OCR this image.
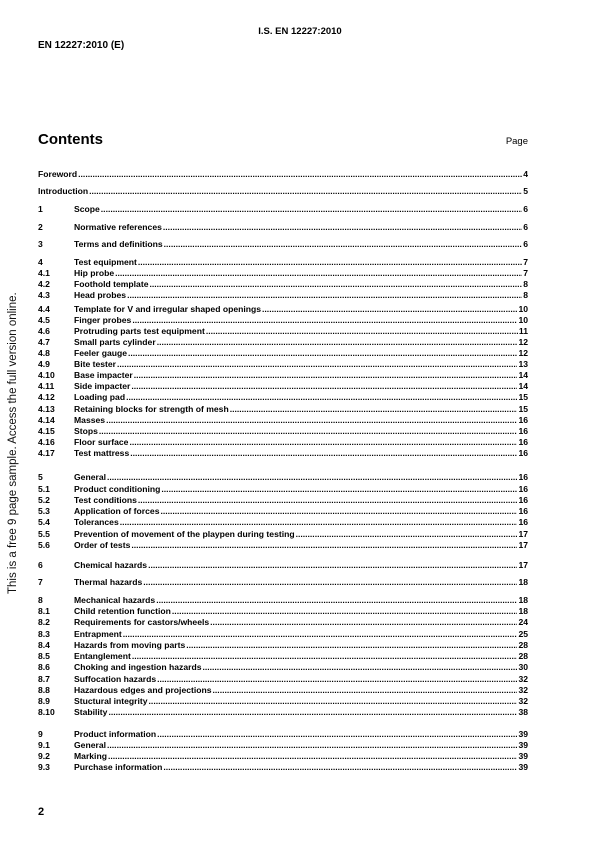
I.S. EN 12227:2010
EN 12227:2010 (E)
This is a free 9 page sample. Access the full version online.
Contents	Page
Foreword .....	4
Introduction .....	5
1	Scope .....	6
2	Normative references .....	6
3	Terms and definitions .....	6
4	Test equipment .....	7
4.1	Hip probe .....	7
4.2	Foothold template .....	8
4.3	Head probes .....	8
4.4	Template for V and irregular shaped openings .....	10
4.5	Finger probes .....	10
4.6	Protruding parts test equipment .....	11
4.7	Small parts cylinder .....	12
4.8	Feeler gauge .....	12
4.9	Bite tester .....	13
4.10	Base impacter .....	14
4.11	Side impacter .....	14
4.12	Loading pad .....	15
4.13	Retaining blocks for strength of mesh .....	15
4.14	Masses .....	16
4.15	Stops .....	16
4.16	Floor surface .....	16
4.17	Test mattress .....	16
5	General .....	16
5.1	Product conditioning .....	16
5.2	Test conditions .....	16
5.3	Application of forces .....	16
5.4	Tolerances .....	16
5.5	Prevention of movement of the playpen during testing .....	17
5.6	Order of tests .....	17
6	Chemical hazards .....	17
7	Thermal hazards .....	18
8	Mechanical hazards .....	18
8.1	Child retention function .....	18
8.2	Requirements for castors/wheels .....	24
8.3	Entrapment .....	25
8.4	Hazards from moving parts .....	28
8.5	Entanglement .....	28
8.6	Choking and ingestion hazards .....	30
8.7	Suffocation hazards .....	32
8.8	Hazardous edges and projections .....	32
8.9	Stuctural integrity .....	32
8.10	Stability .....	38
9	Product information .....	39
9.1	General .....	39
9.2	Marking .....	39
9.3	Purchase information .....	39
2
